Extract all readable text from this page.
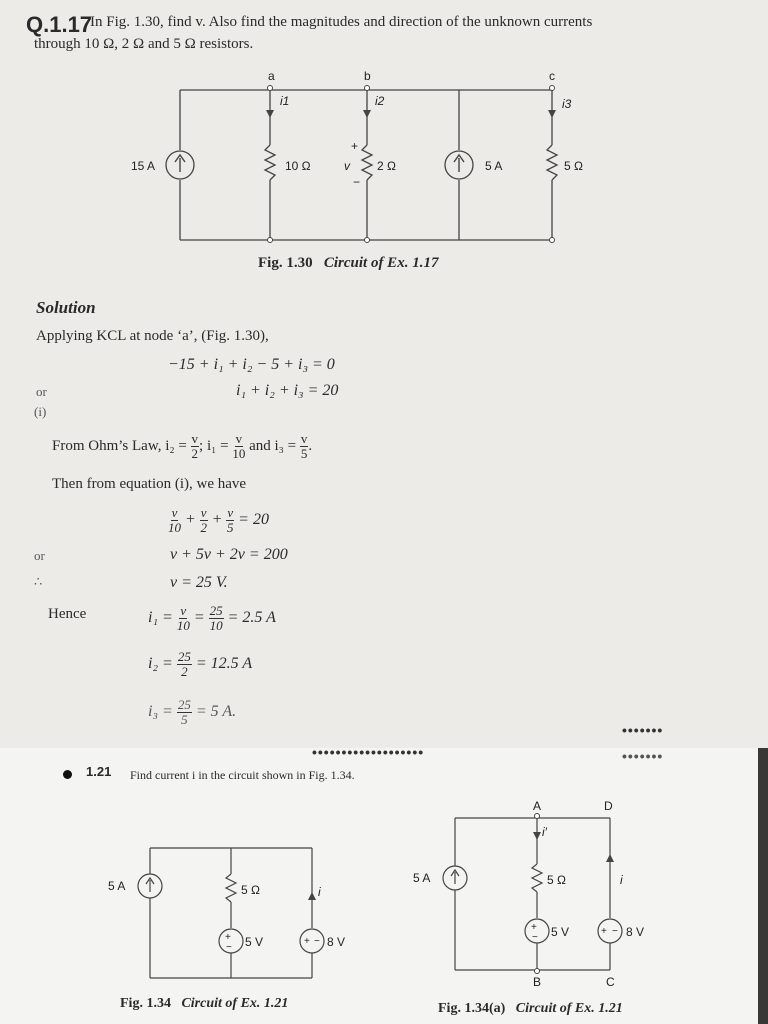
Q.1.17
In Fig. 1.30, find v. Also find the magnitudes and direction of the unknown currents
through 10 Ω, 2 Ω and 5 Ω resistors.
a	b	c
i1	i2	i3
15 A	5 A
10 Ω	2 Ω	5 Ω
v
+
−
Fig. 1.30 Circuit of Ex. 1.17
Solution
Applying KCL at node ‘a’, (Fig. 1.30),
−15 + i₁ + i₂ − 5 + i₃ = 0
or	i₁ + i₂ + i₃ = 20
(i)
From Ohm’s Law, $i_2 = \frac{v}{2}$ ; $i_1 = \frac{v}{10}$ and $i_3 = \frac{v}{5}$ .
Then from equation (i), we have
$\frac{v}{10} + \frac{v}{2} + \frac{v}{5} = 20$
or	v + 5v + 2v = 200
∴	v = 25 V.
Hence	$i_1 = \frac{v}{10} = \frac{25}{10} = 2.5$ A
$i_2 = \frac{25}{2} = 12.5$ A
$i_3 = \frac{25}{5} = 5$ A.
•••••••••••••••••••
•••••••
•••••••
1.21 Find current i in the circuit shown in Fig. 1.34.
+
−
+ −
+
−
+ −
5 A	5 Ω
5 V	8 V
i
A	D
B	C
5 A	5 Ω
5 V	8 V
i′
i
Fig. 1.34 Circuit of Ex. 1.21	Fig. 1.34(a) Circuit of Ex. 1.21
